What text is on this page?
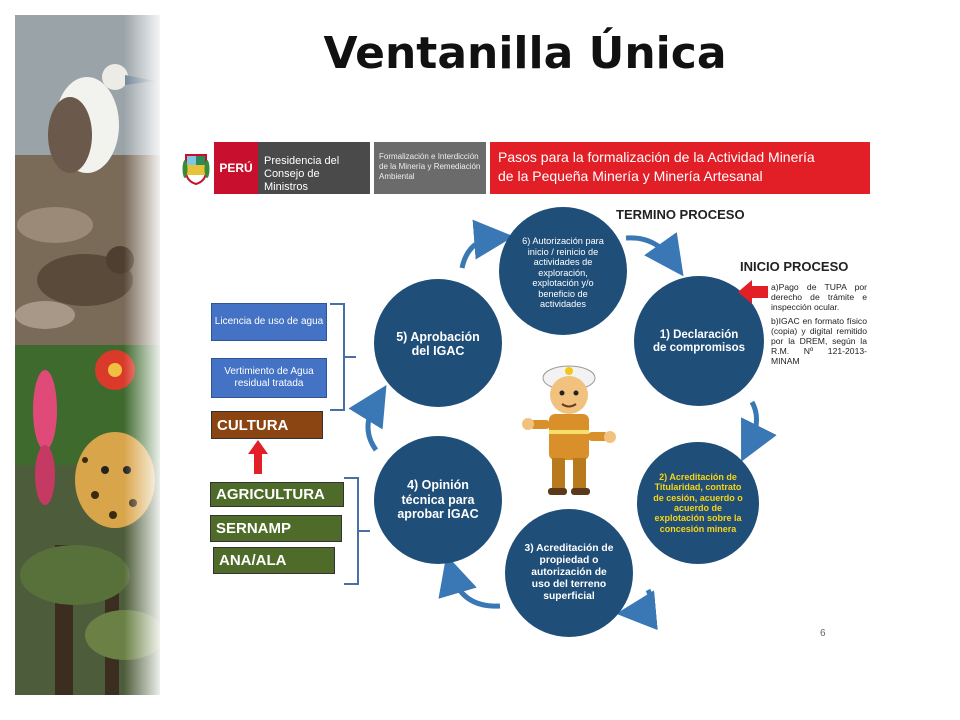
Ventanilla Única
PERÚ	Presidencia del Consejo de Ministros
Formalización e Interdicción de la Minería y Remediación Ambiental
Pasos para la formalización de la Actividad Minería
de la Pequeña Minería y Minería Artesanal
6) Autorización para inicio / reinicio de actividades de exploración, explotación y/o beneficio de actividades
1) Declaración de compromisos
2) Acreditación de Titularidad, contrato de cesión, acuerdo o acuerdo de explotación sobre la concesión minera
3) Acreditación de propiedad o autorización de uso del terreno superficial
4) Opinión técnica para aprobar IGAC
5) Aprobación del IGAC
TERMINO PROCESO
INICIO PROCESO

a)Pago de TUPA por derecho de trámite e inspección ocular.

b)IGAC en formato físico (copia) y digital remitido por la DREM, según la R.M. Nº 121-2013-MINAM

Licencia de uso de agua
Vertimiento de Agua residual tratada
CULTURA
AGRICULTURA
SERNAMP
ANA/ALA
6
